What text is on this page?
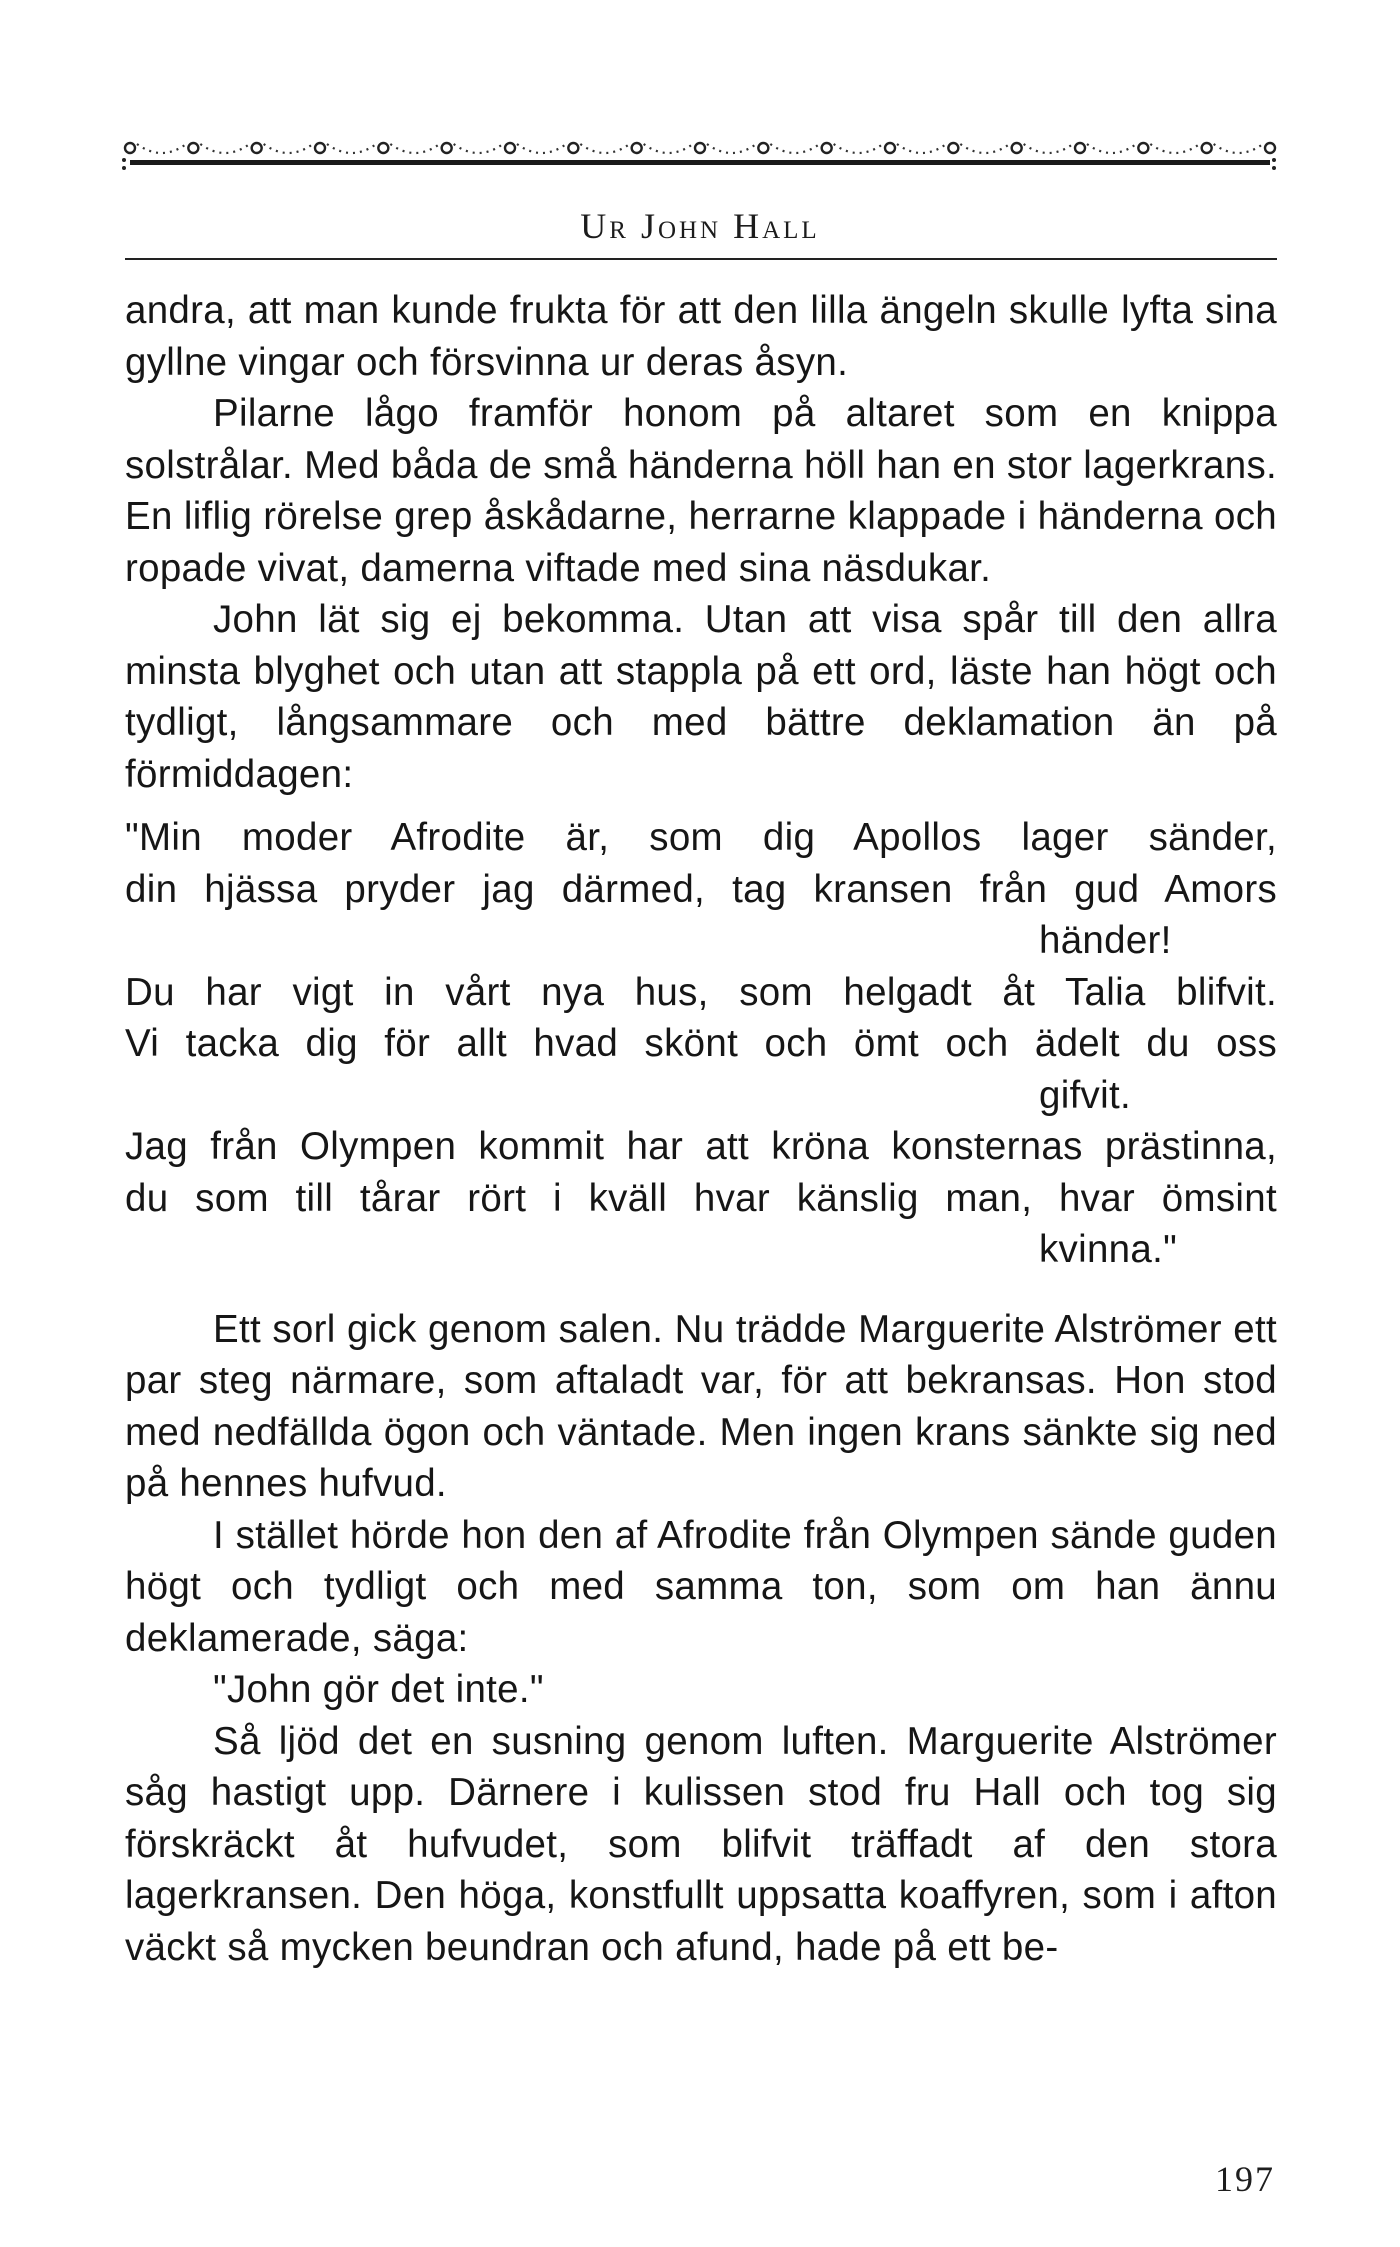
Ur John Hall

andra, att man kunde frukta för att den lilla ängeln skulle lyfta sina gyllne vingar och försvinna ur deras åsyn.

Pilarne lågo framför honom på altaret som en knippa solstrålar. Med båda de små händerna höll han en stor lagerkrans. En liflig rörelse grep åskådarne, herrarne klappade i händerna och ropade vivat, damerna viftade med sina näsdukar.

John lät sig ej bekomma. Utan att visa spår till den allra minsta blyghet och utan att stappla på ett ord, läste han högt och tydligt, långsammare och med bättre deklamation än på förmiddagen:

"Min moder Afrodite är, som dig Apollos lager sänder,
din hjässa pryder jag därmed, tag kransen från gud Amors
händer!
Du har vigt in vårt nya hus, som helgadt åt Talia blifvit.
Vi tacka dig för allt hvad skönt och ömt och ädelt du oss
gifvit.
Jag från Olympen kommit har att kröna konsternas prästinna,
du som till tårar rört i kväll hvar känslig man, hvar ömsint
kvinna."

Ett sorl gick genom salen. Nu trädde Marguerite Alströmer ett par steg närmare, som aftaladt var, för att bekransas. Hon stod med nedfällda ögon och väntade. Men ingen krans sänkte sig ned på hennes hufvud.

I stället hörde hon den af Afrodite från Olympen sände guden högt och tydligt och med samma ton, som om han ännu deklamerade, säga:

"John gör det inte."

Så ljöd det en susning genom luften. Marguerite Alströmer såg hastigt upp. Därnere i kulissen stod fru Hall och tog sig förskräckt åt hufvudet, som blifvit träffadt af den stora lagerkransen. Den höga, konstfullt uppsatta koaffyren, som i afton väckt så mycken beundran och afund, hade på ett be-

197
